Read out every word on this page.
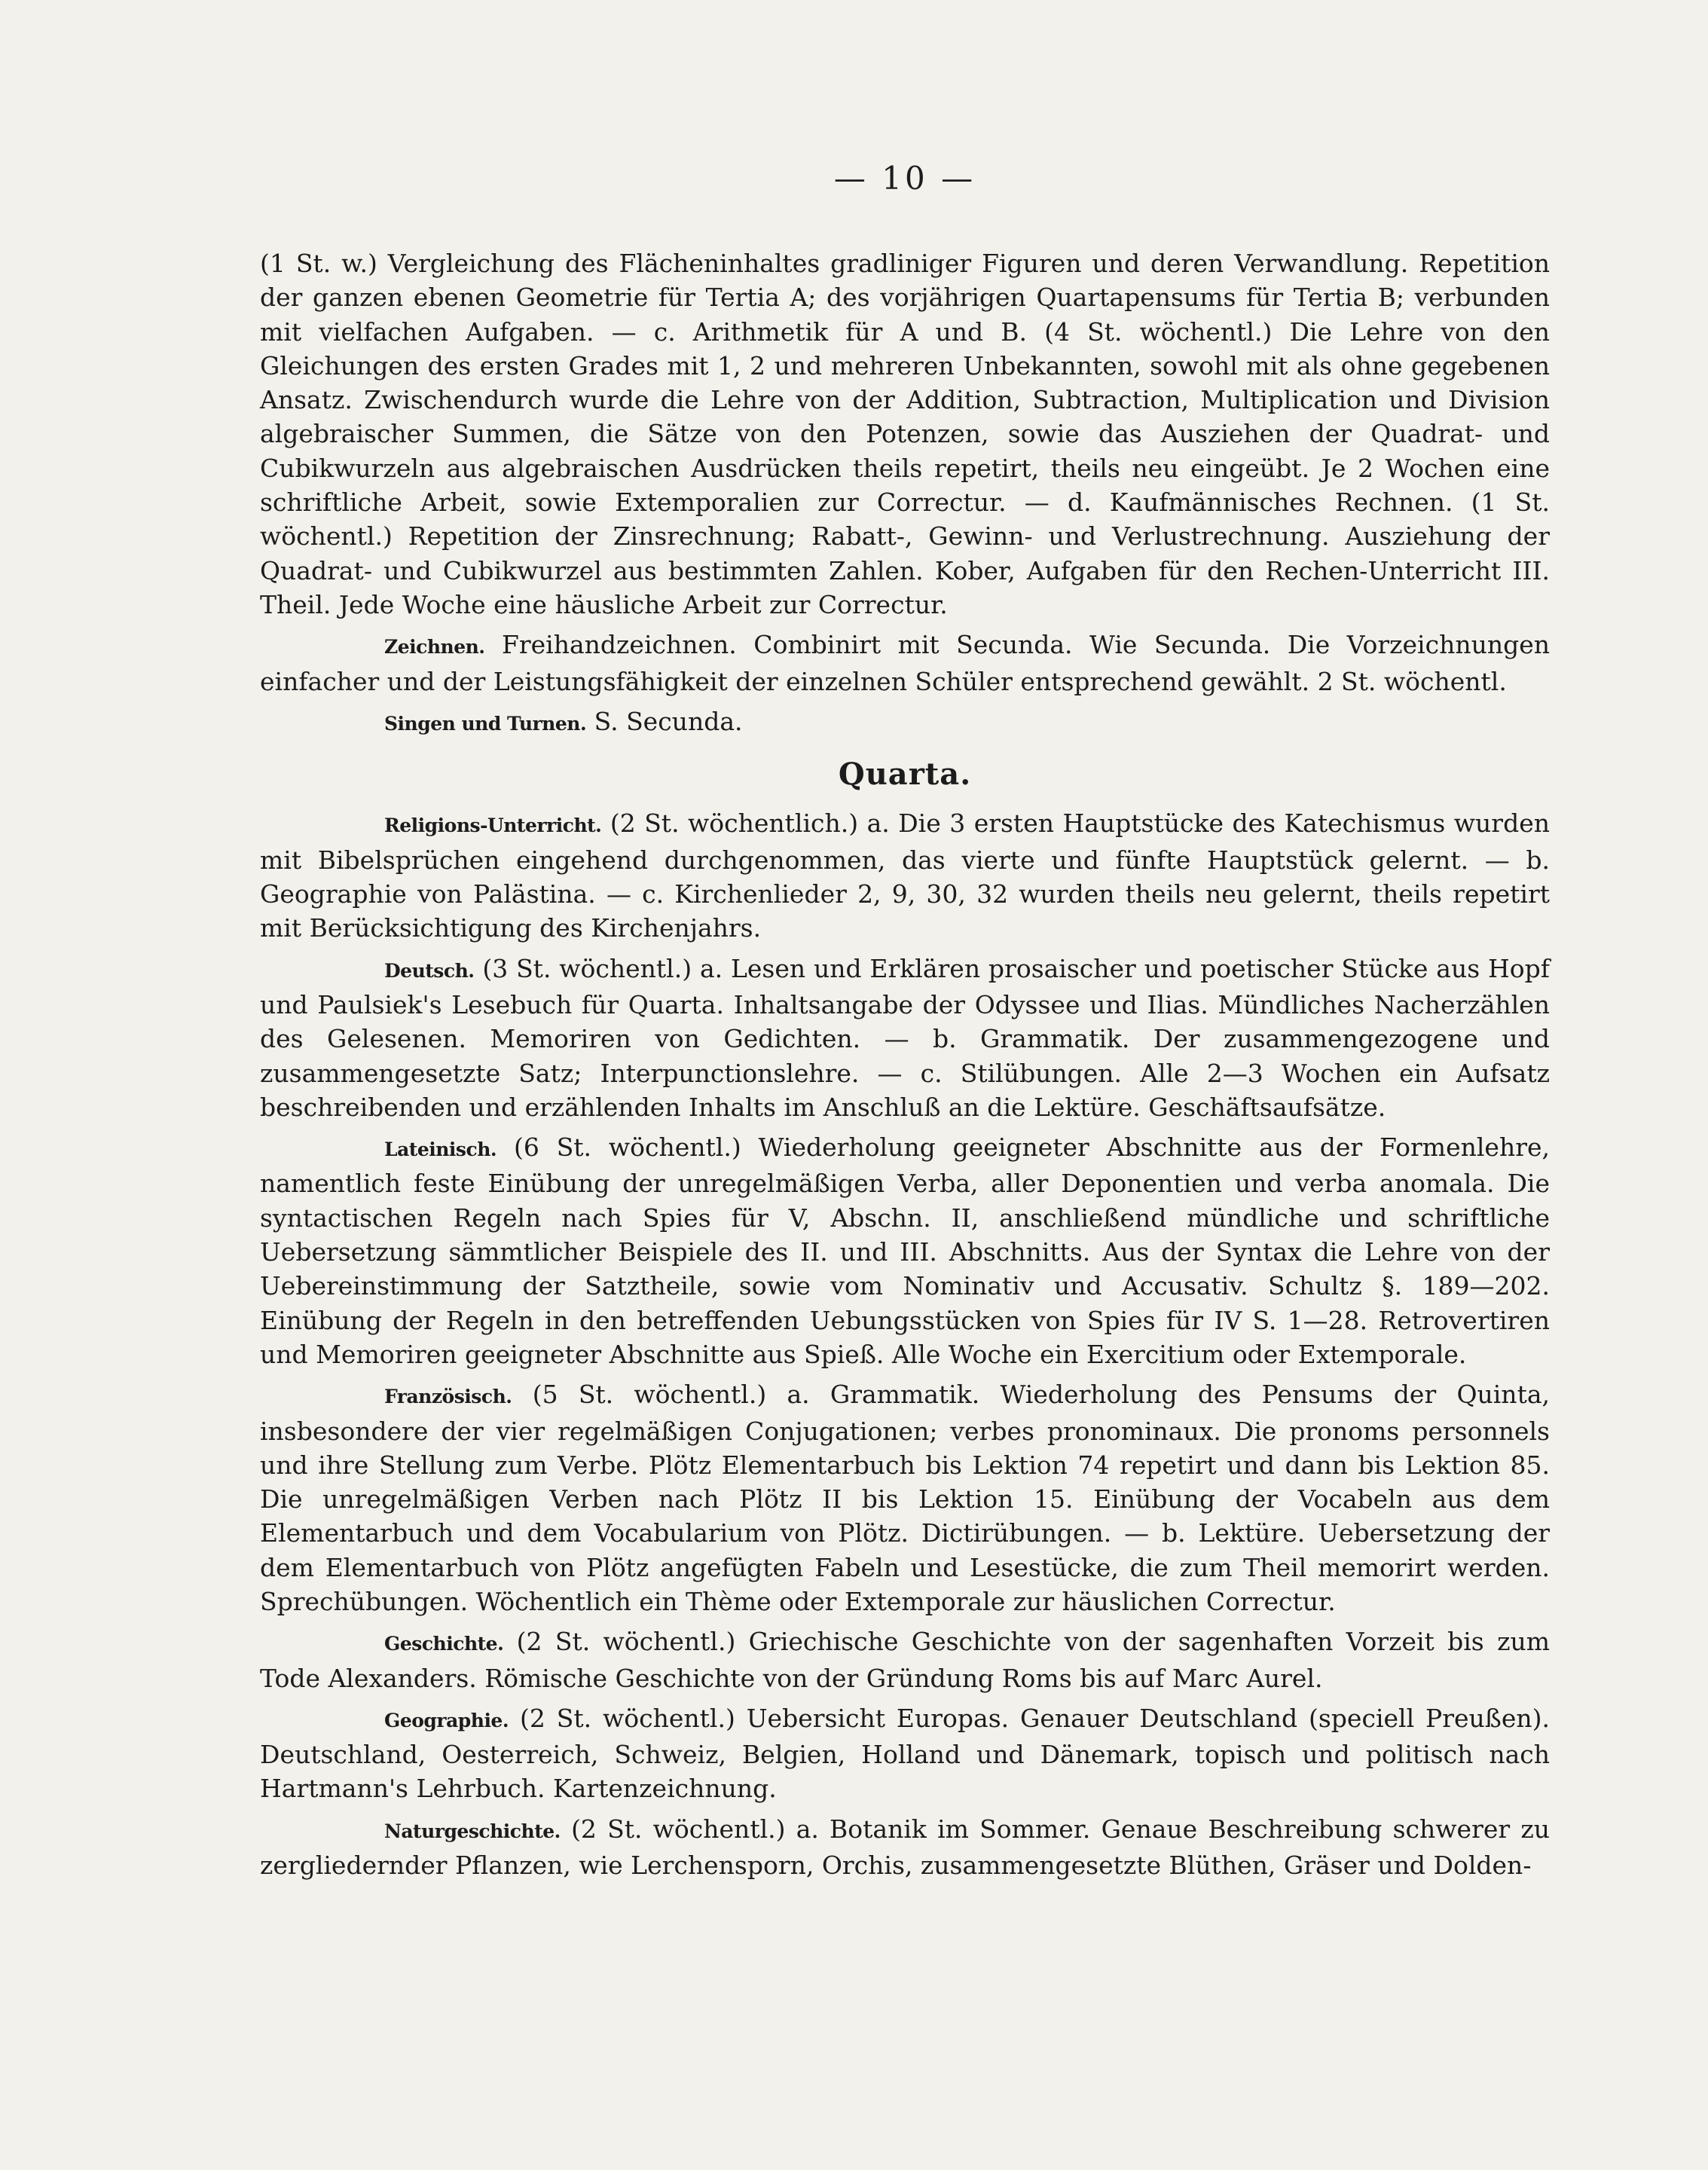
— 10 —

(1 St. w.) Vergleichung des Flächeninhaltes gradliniger Figuren und deren Verwandlung. Repetition der ganzen ebenen Geometrie für Tertia A; des vorjährigen Quartapensums für Tertia B; verbunden mit vielfachen Aufgaben. — c. Arithmetik für A und B. (4 St. wöchentl.) Die Lehre von den Gleichungen des ersten Grades mit 1, 2 und mehreren Unbekannten, sowohl mit als ohne gegebenen Ansatz. Zwischendurch wurde die Lehre von der Addition, Subtraction, Multiplication und Division algebraischer Summen, die Sätze von den Potenzen, sowie das Ausziehen der Quadrat- und Cubikwurzeln aus algebraischen Ausdrücken theils repetirt, theils neu eingeübt. Je 2 Wochen eine schriftliche Arbeit, sowie Extemporalien zur Correctur. — d. Kaufmännisches Rechnen. (1 St. wöchentl.) Repetition der Zinsrechnung; Rabatt-, Gewinn- und Verlustrechnung. Ausziehung der Quadrat- und Cubikwurzel aus bestimmten Zahlen. Kober, Aufgaben für den Rechen-Unterricht III. Theil. Jede Woche eine häusliche Arbeit zur Correctur.

Zeichnen. Freihandzeichnen. Combinirt mit Secunda. Wie Secunda. Die Vorzeichnungen einfacher und der Leistungsfähigkeit der einzelnen Schüler entsprechend gewählt. 2 St. wöchentl.

Singen und Turnen. S. Secunda.

Quarta.

Religions-Unterricht. (2 St. wöchentlich.) a. Die 3 ersten Hauptstücke des Katechismus wurden mit Bibelsprüchen eingehend durchgenommen, das vierte und fünfte Hauptstück gelernt. — b. Geographie von Palästina. — c. Kirchenlieder 2, 9, 30, 32 wurden theils neu gelernt, theils repetirt mit Berücksichtigung des Kirchenjahrs.

Deutsch. (3 St. wöchentl.) a. Lesen und Erklären prosaischer und poetischer Stücke aus Hopf und Paulsiek's Lesebuch für Quarta. Inhaltsangabe der Odyssee und Ilias. Mündliches Nacherzählen des Gelesenen. Memoriren von Gedichten. — b. Grammatik. Der zusammengezogene und zusammengesetzte Satz; Interpunctionslehre. — c. Stilübungen. Alle 2—3 Wochen ein Aufsatz beschreibenden und erzählenden Inhalts im Anschluß an die Lektüre. Geschäftsaufsätze.

Lateinisch. (6 St. wöchentl.) Wiederholung geeigneter Abschnitte aus der Formenlehre, namentlich feste Einübung der unregelmäßigen Verba, aller Deponentien und verba anomala. Die syntactischen Regeln nach Spies für V, Abschn. II, anschließend mündliche und schriftliche Uebersetzung sämmtlicher Beispiele des II. und III. Abschnitts. Aus der Syntax die Lehre von der Uebereinstimmung der Satztheile, sowie vom Nominativ und Accusativ. Schultz §. 189—202. Einübung der Regeln in den betreffenden Uebungsstücken von Spies für IV S. 1—28. Retrovertiren und Memoriren geeigneter Abschnitte aus Spieß. Alle Woche ein Exercitium oder Extemporale.

Französisch. (5 St. wöchentl.) a. Grammatik. Wiederholung des Pensums der Quinta, insbesondere der vier regelmäßigen Conjugationen; verbes pronominaux. Die pronoms personnels und ihre Stellung zum Verbe. Plötz Elementarbuch bis Lektion 74 repetirt und dann bis Lektion 85. Die unregelmäßigen Verben nach Plötz II bis Lektion 15. Einübung der Vocabeln aus dem Elementarbuch und dem Vocabularium von Plötz. Dictirübungen. — b. Lektüre. Uebersetzung der dem Elementarbuch von Plötz angefügten Fabeln und Lesestücke, die zum Theil memorirt werden. Sprechübungen. Wöchentlich ein Thème oder Extemporale zur häuslichen Correctur.

Geschichte. (2 St. wöchentl.) Griechische Geschichte von der sagenhaften Vorzeit bis zum Tode Alexanders. Römische Geschichte von der Gründung Roms bis auf Marc Aurel.

Geographie. (2 St. wöchentl.) Uebersicht Europas. Genauer Deutschland (speciell Preußen). Deutschland, Oesterreich, Schweiz, Belgien, Holland und Dänemark, topisch und politisch nach Hartmann's Lehrbuch. Kartenzeichnung.

Naturgeschichte. (2 St. wöchentl.) a. Botanik im Sommer. Genaue Beschreibung schwerer zu zergliedernder Pflanzen, wie Lerchensporn, Orchis, zusammengesetzte Blüthen, Gräser und Dolden-
